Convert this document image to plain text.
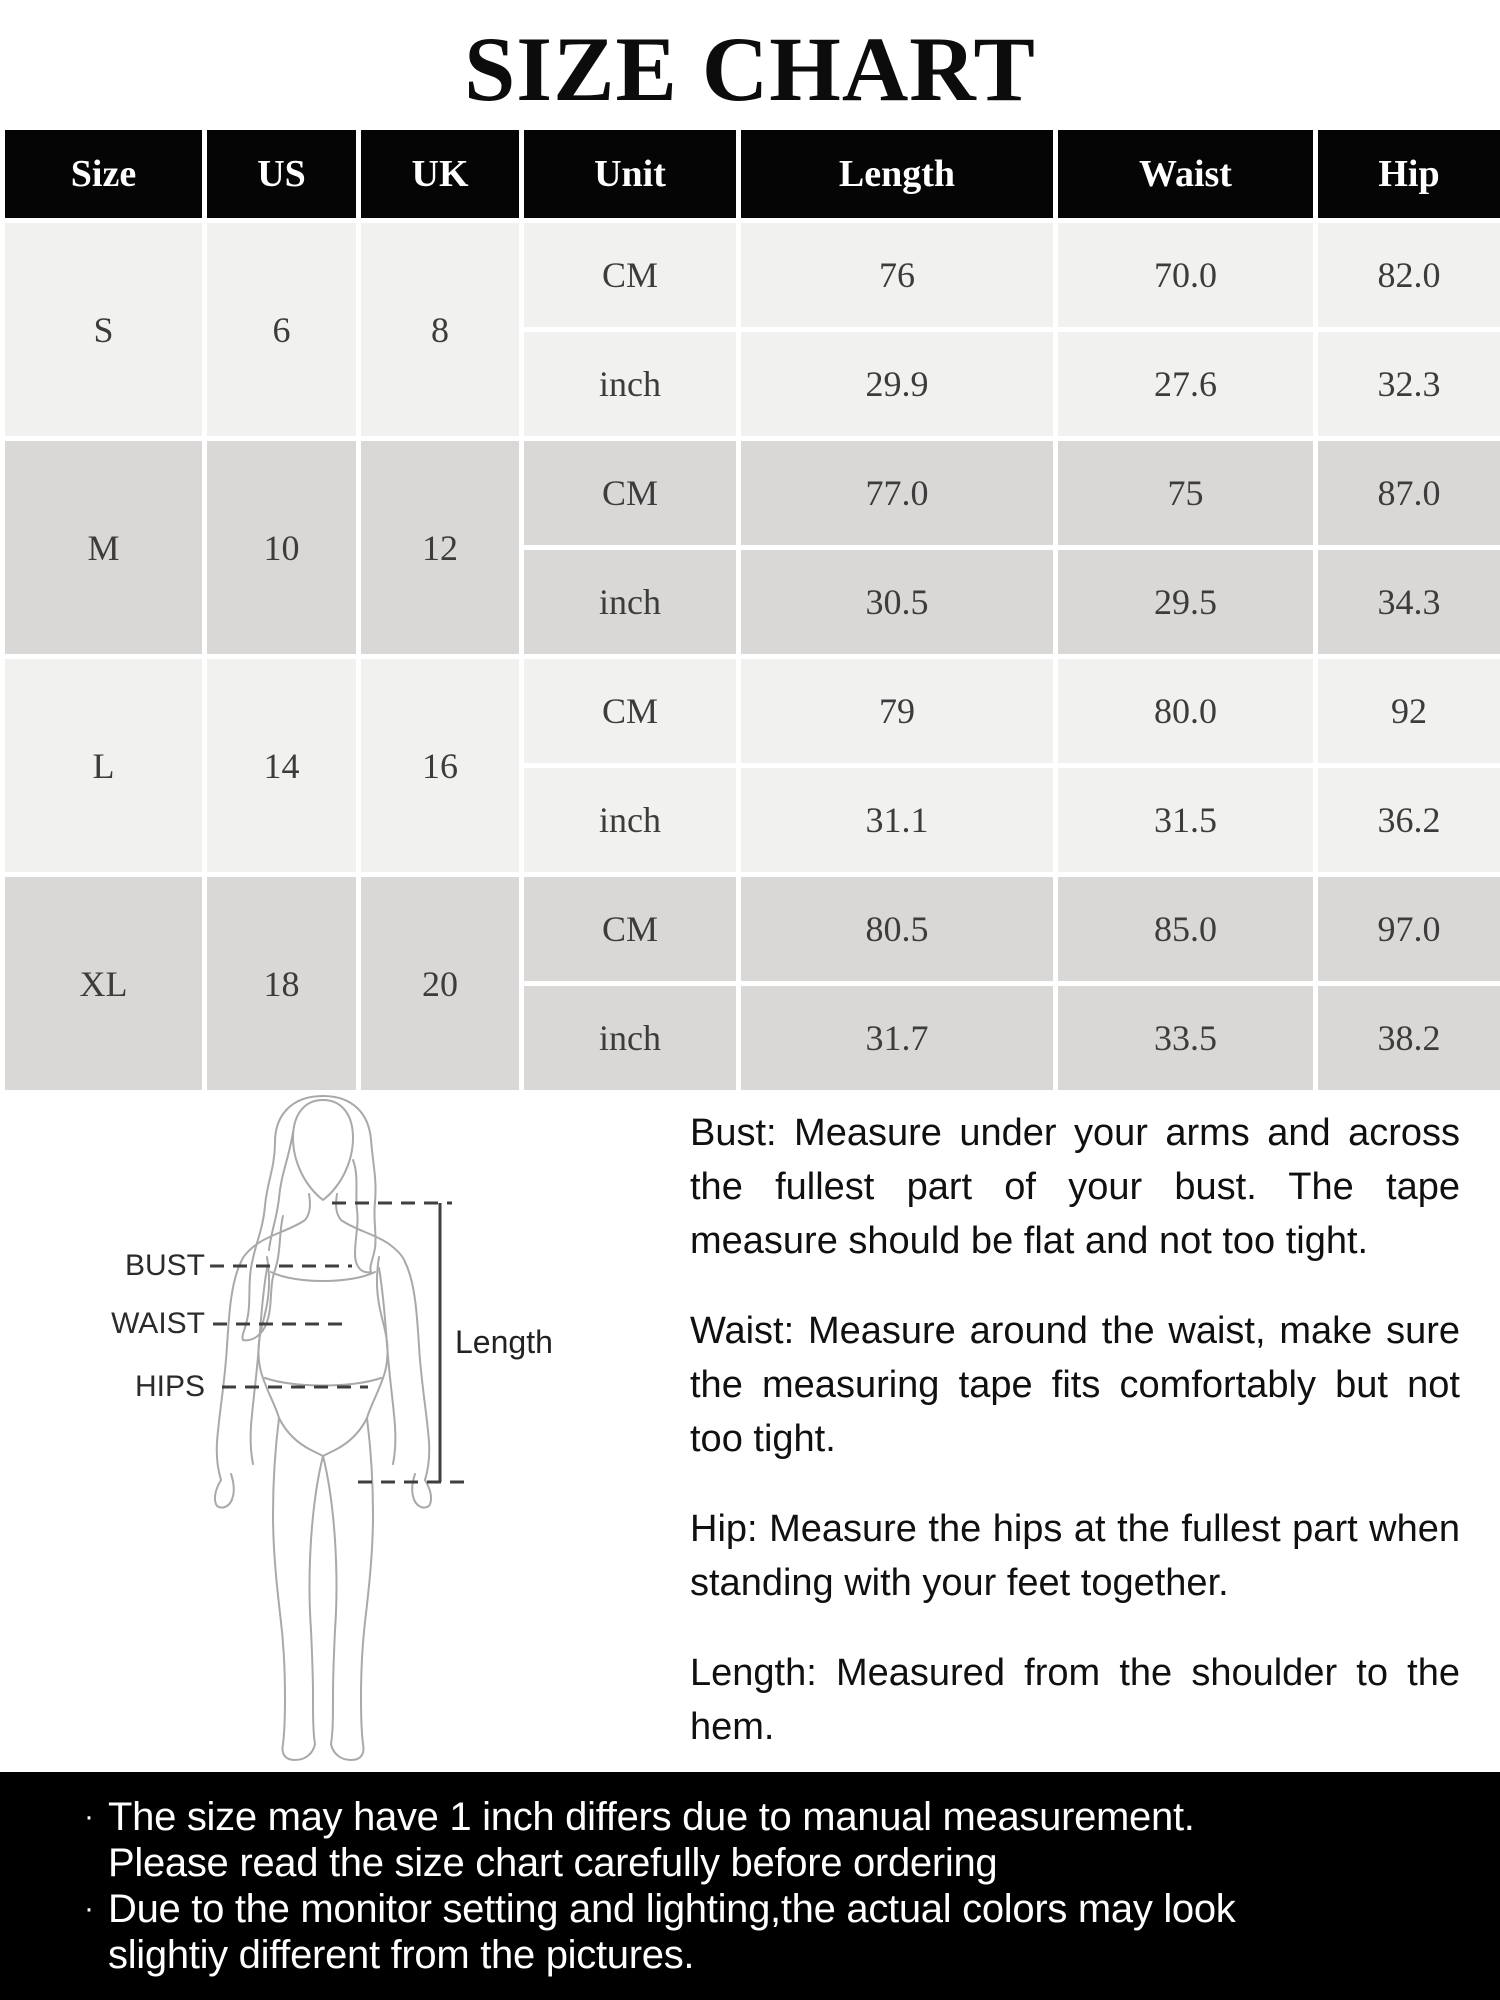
SIZE CHART
Size	US	UK	Unit	Length	Waist	Hip
S	6	8	CM	76	70.0	82.0
			inch	29.9	27.6	32.3
M	10	12	CM	77.0	75	87.0
			inch	30.5	29.5	34.3
L	14	16	CM	79	80.0	92
			inch	31.1	31.5	36.2
XL	18	20	CM	80.5	85.0	97.0
			inch	31.7	33.5	38.2
BUST
WAIST
HIPS
Length

Bust: Measure under your arms and across the fullest part of your bust. The tape measure should be flat and not too tight.

Waist: Measure around the waist, make sure the measuring tape fits comfortably but not too tight.

Hip: Measure the hips at the fullest part when standing with your feet together.

Length: Measured from the shoulder to the hem.

· The size may have 1 inch differs due to manual measurement.
Please read the size chart carefully before ordering
· Due to the monitor setting and lighting,the actual colors may look
slightiy different from the pictures.
